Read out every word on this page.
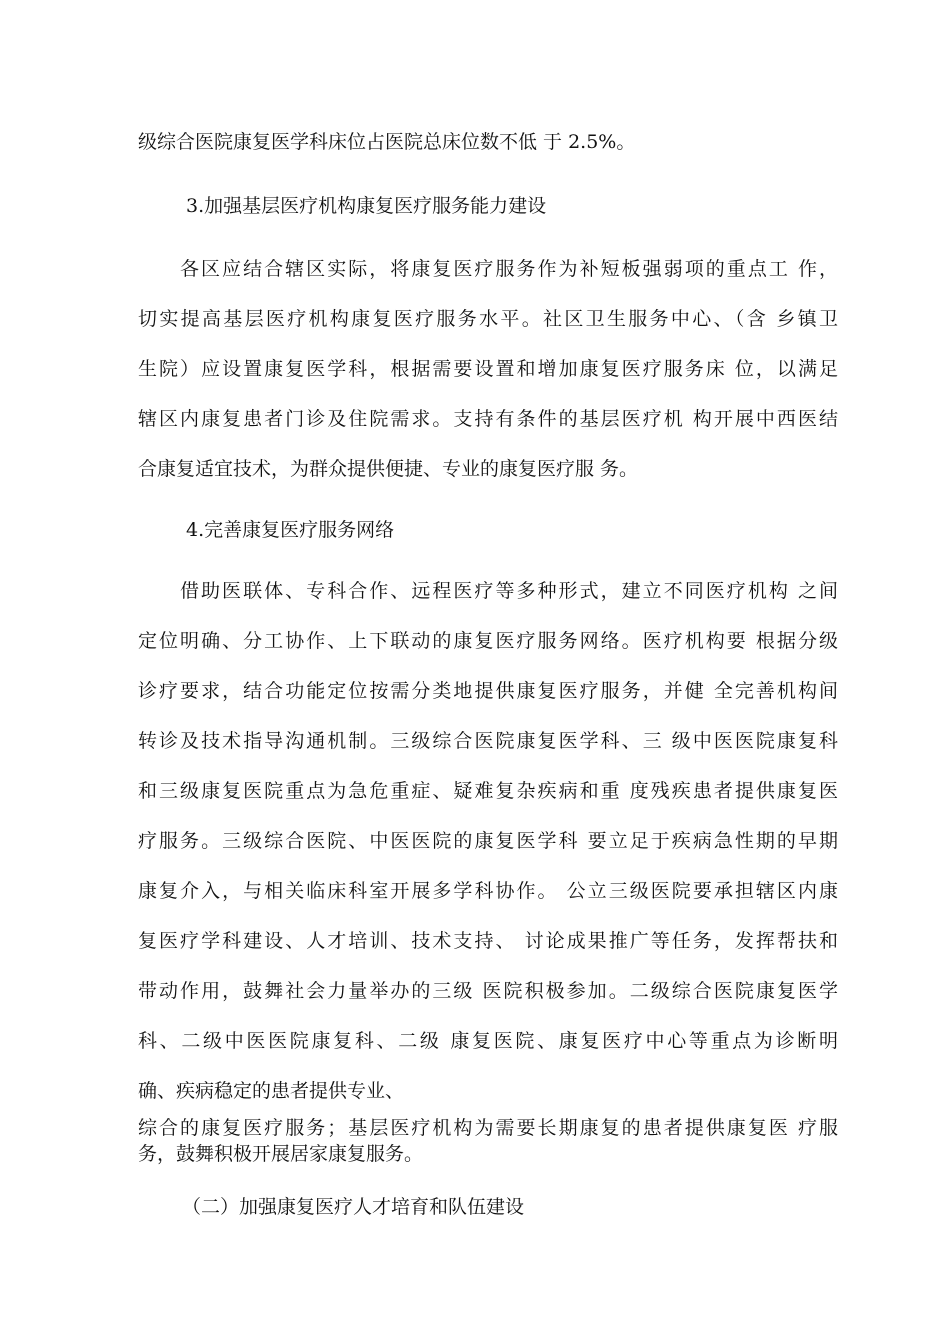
级综合医院康复医学科床位占医院总床位数不低 于 2.5%。
3.加强基层医疗机构康复医疗服务能力建设
各区应结合辖区实际，将康复医疗服务作为补短板强弱项的重点工 作，
切实提高基层医疗机构康复医疗服务水平。社区卫生服务中心、（含 乡镇卫
生院）应设置康复医学科，根据需要设置和增加康复医疗服务床 位，以满足
辖区内康复患者门诊及住院需求。支持有条件的基层医疗机 构开展中西医结
合康复适宜技术，为群众提供便捷、专业的康复医疗服 务。
4.完善康复医疗服务网络
借助医联体、专科合作、远程医疗等多种形式，建立不同医疗机构 之间
定位明确、分工协作、上下联动的康复医疗服务网络。医疗机构要 根据分级
诊疗要求，结合功能定位按需分类地提供康复医疗服务，并健 全完善机构间
转诊及技术指导沟通机制。三级综合医院康复医学科、三 级中医医院康复科
和三级康复医院重点为急危重症、疑难复杂疾病和重 度残疾患者提供康复医
疗服务。三级综合医院、中医医院的康复医学科 要立足于疾病急性期的早期
康复介入，与相关临床科室开展多学科协作。 公立三级医院要承担辖区内康
复医疗学科建设、人才培训、技术支持、 讨论成果推广等任务，发挥帮扶和
带动作用，鼓舞社会力量举办的三级 医院积极参加。二级综合医院康复医学
科、二级中医医院康复科、二级 康复医院、康复医疗中心等重点为诊断明
确、疾病稳定的患者提供专业、
综合的康复医疗服务；基层医疗机构为需要长期康复的患者提供康复医 疗服
务，鼓舞积极开展居家康复服务。
（二）加强康复医疗人才培育和队伍建设
